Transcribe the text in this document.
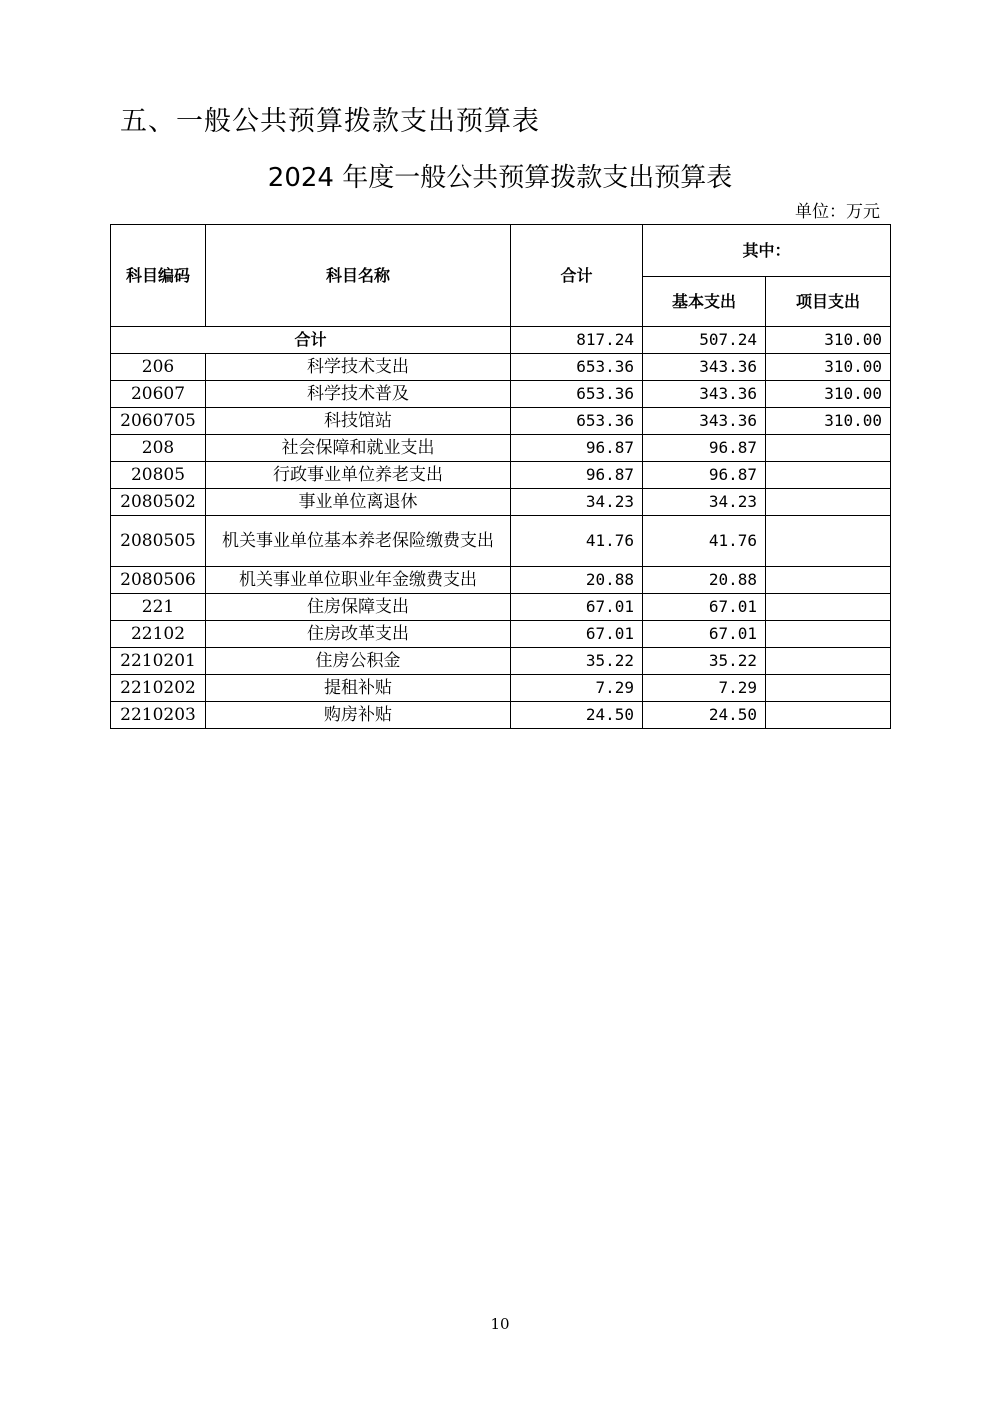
五、一般公共预算拨款支出预算表
2024 年度一般公共预算拨款支出预算表
单位：万元
科目编码	科目名称	合计	其中：	
			基本支出	项目支出
合计		817.24	507.24	310.00
206	科学技术支出	653.36	343.36	310.00
20607	科学技术普及	653.36	343.36	310.00
2060705	科技馆站	653.36	343.36	310.00
208	社会保障和就业支出	96.87	96.87	
20805	行政事业单位养老支出	96.87	96.87	
2080502	事业单位离退休	34.23	34.23	
2080505	机关事业单位基本养老保险缴费支出	41.76	41.76	
2080506	机关事业单位职业年金缴费支出	20.88	20.88	
221	住房保障支出	67.01	67.01	
22102	住房改革支出	67.01	67.01	
2210201	住房公积金	35.22	35.22	
2210202	提租补贴	7.29	7.29	
2210203	购房补贴	24.50	24.50	
10
